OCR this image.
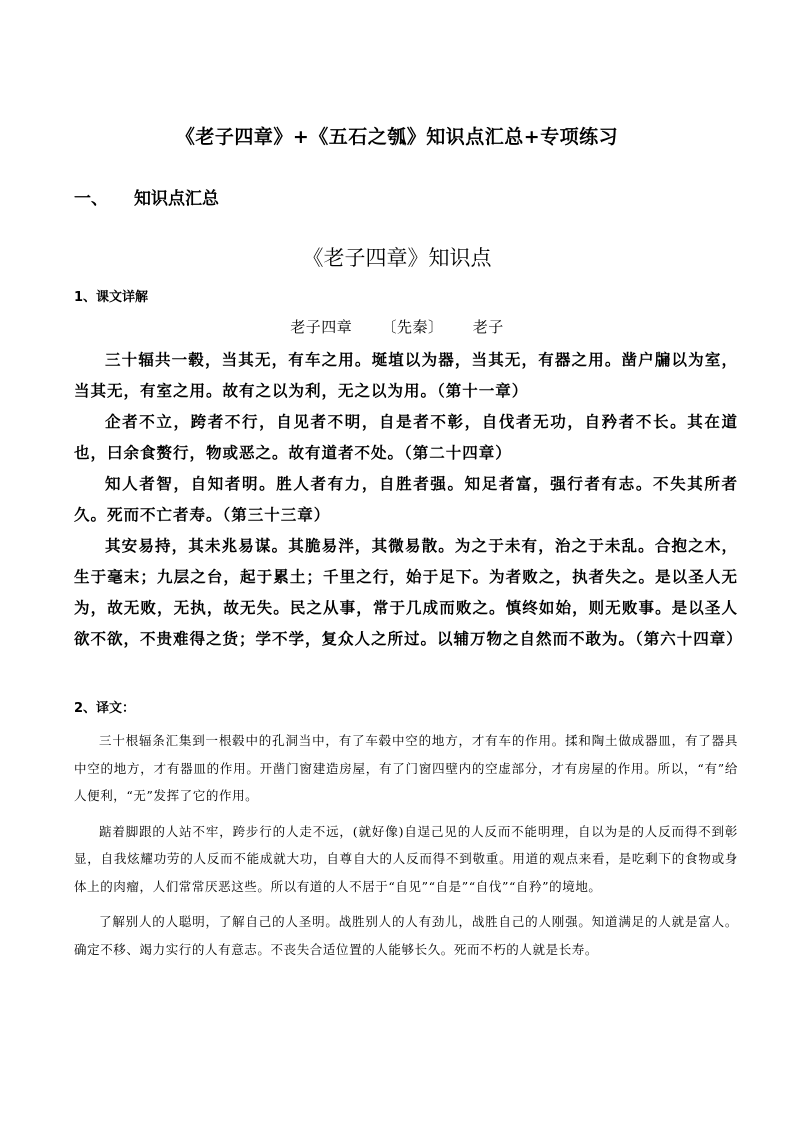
《老子四章》+《五石之瓠》知识点汇总+专项练习
一、 知识点汇总
《老子四章》知识点
1、课文详解
老子四章 〔先秦〕 老子

三十辐共一毂，当其无，有车之用。埏埴以为器，当其无，有器之用。凿户牖以为室，当其无，有室之用。故有之以为利，无之以为用。（第十一章）

企者不立，跨者不行，自见者不明，自是者不彰，自伐者无功，自矜者不长。其在道也，曰余食赘行，物或恶之。故有道者不处。（第二十四章）

知人者智，自知者明。胜人者有力，自胜者强。知足者富，强行者有志。不失其所者久。死而不亡者寿。（第三十三章）

其安易持，其未兆易谋。其脆易泮，其微易散。为之于未有，治之于未乱。合抱之木，生于毫末；九层之台，起于累土；千里之行，始于足下。为者败之，执者失之。是以圣人无为，故无败，无执，故无失。民之从事，常于几成而败之。慎终如始，则无败事。是以圣人欲不欲，不贵难得之货；学不学，复众人之所过。以辅万物之自然而不敢为。（第六十四章）

2、译文：

三十根辐条汇集到一根毂中的孔洞当中，有了车毂中空的地方，才有车的作用。揉和陶土做成器皿，有了器具中空的地方，才有器皿的作用。开凿门窗建造房屋，有了门窗四壁内的空虚部分，才有房屋的作用。所以，“有”给人便利，“无”发挥了它的作用。

踮着脚跟的人站不牢，跨步行的人走不远，(就好像)自逞己见的人反而不能明理，自以为是的人反而得不到彰显，自我炫耀功劳的人反而不能成就大功，自尊自大的人反而得不到敬重。用道的观点来看，是吃剩下的食物或身体上的肉瘤，人们常常厌恶这些。所以有道的人不居于“自见”“自是”“自伐”“自矜”的境地。

了解别人的人聪明，了解自己的人圣明。战胜别人的人有劲儿，战胜自己的人刚强。知道满足的人就是富人。确定不移、竭力实行的人有意志。不丧失合适位置的人能够长久。死而不朽的人就是长寿。
